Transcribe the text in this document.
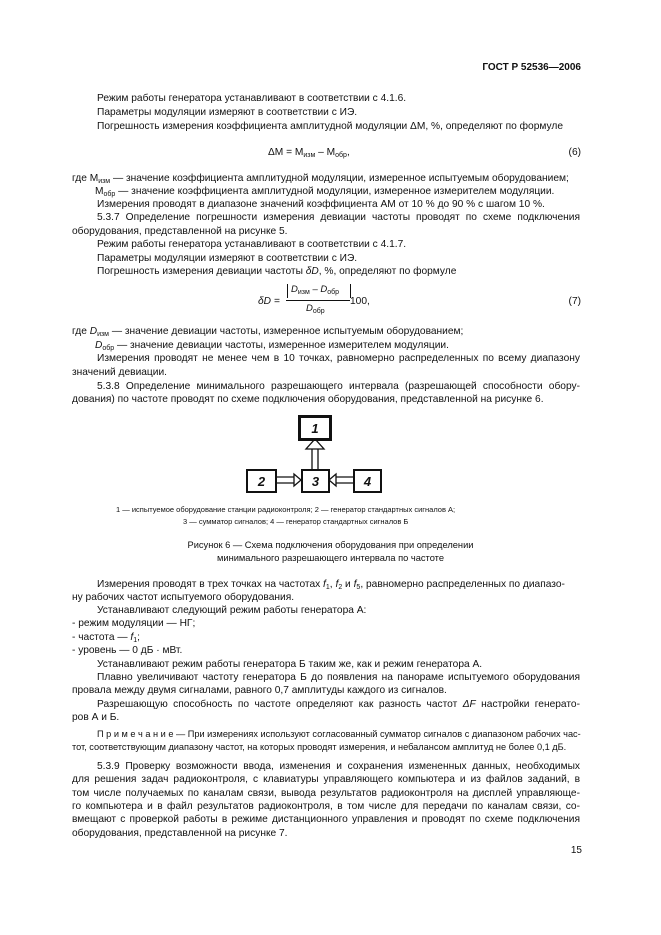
ГОСТ Р 52536—2006
Режим работы генератора устанавливают в соответствии с 4.1.6.
Параметры модуляции измеряют в соответствии с ИЭ.
Погрешность измерения коэффициента амплитудной модуляции ΔМ, %, определяют по формуле
$\Delta М = М_{изм} - М_{обр}$,	(6)
где $М_{изм}$ — значение коэффициента амплитудной модуляции, измеренное испытуемым оборудованием;
$М_{обр}$ — значение коэффициента амплитудной модуляции, измеренное измерителем модуляции.
Измерения проводят в диапазоне значений коэффициента АМ от 10 % до 90 % с шагом 10 %.
5.3.7 Определение погрешности измерения девиации частоты проводят по схеме подключения
оборудования, представленной на рисунке 5.
Режим работы генератора устанавливают в соответствии с 4.1.7.
Параметры модуляции измеряют в соответствии с ИЭ.
Погрешность измерения девиации частоты δD, %, определяют по формуле
δD =
$D_{изм} - D_{обр}$
$D_{обр}$
100,	(7)
где $D_{изм}$ — значение девиации частоты, измеренное испытуемым оборудованием;
$D_{обр}$ — значение девиации частоты, измеренное измерителем модуляции.
Измерения проводят не менее чем в 10 точках, равномерно распределенных по всему диапазону
значений девиации.
5.3.8 Определение минимального разрешающего интервала (разрешающей способности обору-
дования) по частоте проводят по схеме подключения оборудования, представленной на рисунке 6.
1
2	3	4
1 — испытуемое оборудование станции радиоконтроля; 2 — генератор стандартных сигналов А;
3 — сумматор сигналов; 4 — генератор стандартных сигналов Б
Рисунок 6 — Схема подключения оборудования при определении
минимального разрешающего интервала по частоте
Измерения проводят в трех точках на частотах $f_1$, $f_2$ и $f_5$, равномерно распределенных по диапазо-
ну рабочих частот испытуемого оборудования.
Устанавливают следующий режим работы генератора А:
- режим модуляции — НГ;
- частота — $f_1$;
- уровень — 0 дБ · мВт.
Устанавливают режим работы генератора Б таким же, как и режим генератора А.
Плавно увеличивают частоту генератора Б до появления на панораме испытуемого оборудования
провала между двумя сигналами, равного 0,7 амплитуды каждого из сигналов.
Разрешающую способность по частоте определяют как разность частот ΔF настройки генерато-
ров А и Б.
П р и м е ч а н и е — При измерениях используют согласованный сумматор сигналов с диапазоном рабочих час-
тот, соответствующим диапазону частот, на которых проводят измерения, и небалансом амплитуд не более 0,1 дБ.
5.3.9 Проверку возможности ввода, изменения и сохранения измененных данных, необходимых
для решения задач радиоконтроля, с клавиатуры управляющего компьютера и из файлов заданий, в
том числе получаемых по каналам связи, вывода результатов радиоконтроля на дисплей управляюще-
го компьютера и в файл результатов радиоконтроля, в том числе для передачи по каналам связи, со-
вмещают с проверкой работы в режиме дистанционного управления и проводят по схеме подключения
оборудования, представленной на рисунке 7.
15
